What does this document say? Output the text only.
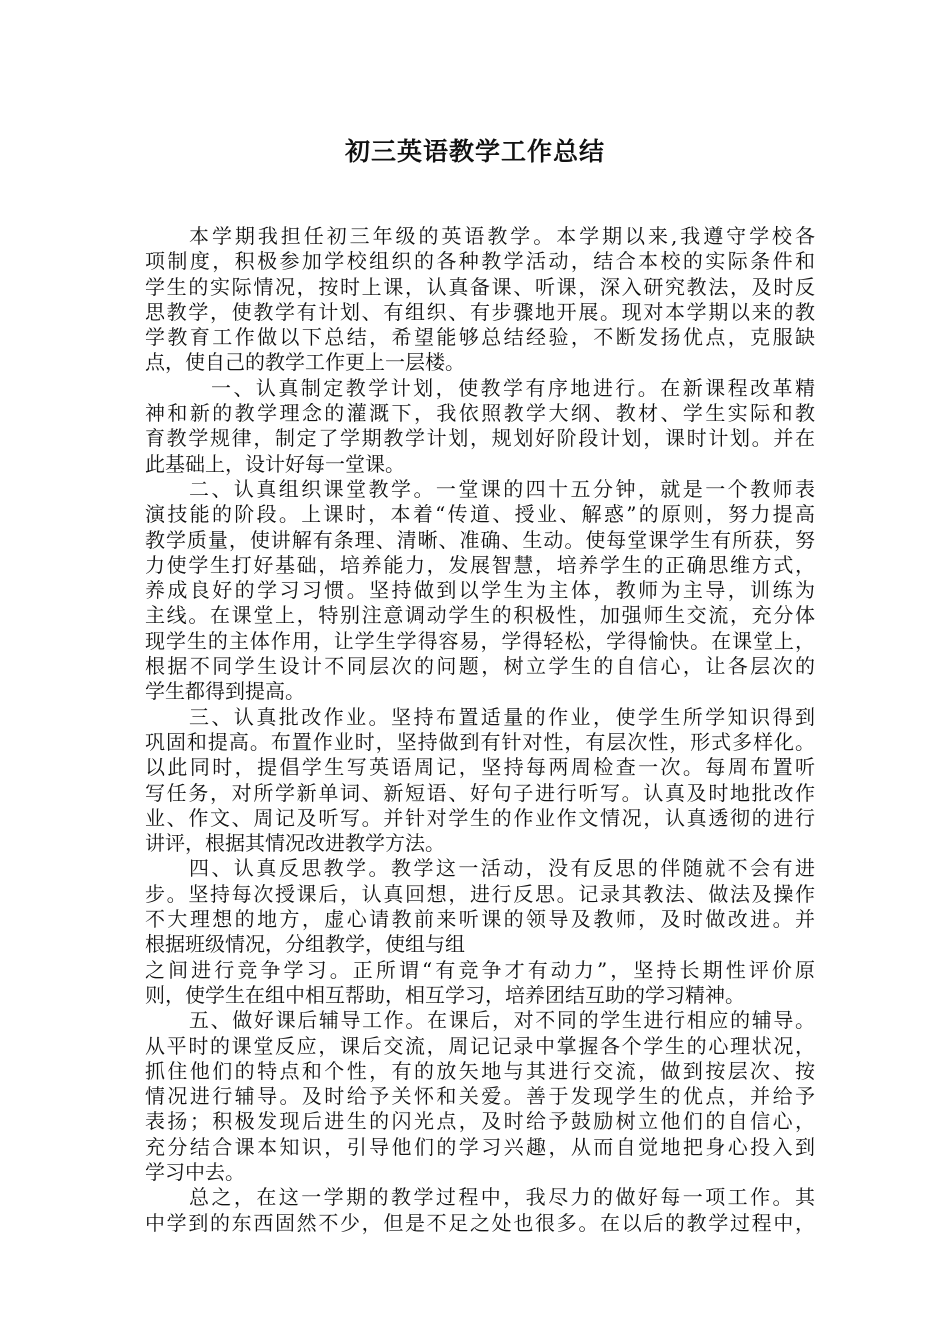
初三英语教学工作总结
本学期我担任初三年级的英语教学。本学期以来,我遵守学校各
项制度，积极参加学校组织的各种教学活动，结合本校的实际条件和
学生的实际情况，按时上课，认真备课、听课，深入研究教法，及时反
思教学，使教学有计划、有组织、有步骤地开展。现对本学期以来的教
学教育工作做以下总结，希望能够总结经验，不断发扬优点，克服缺
点，使自己的教学工作更上一层楼。
一、认真制定教学计划，使教学有序地进行。在新课程改革精
神和新的教学理念的灌溉下，我依照教学大纲、教材、学生实际和教
育教学规律，制定了学期教学计划，规划好阶段计划，课时计划。并在
此基础上，设计好每一堂课。
二、认真组织课堂教学。一堂课的四十五分钟，就是一个教师表
演技能的阶段。上课时，本着“传道、授业、解惑”的原则，努力提高
教学质量，使讲解有条理、清晰、准确、生动。使每堂课学生有所获，努
力使学生打好基础，培养能力，发展智慧，培养学生的正确思维方式，
养成良好的学习习惯。坚持做到以学生为主体，教师为主导，训练为
主线。在课堂上，特别注意调动学生的积极性，加强师生交流，充分体
现学生的主体作用，让学生学得容易，学得轻松，学得愉快。在课堂上，
根据不同学生设计不同层次的问题，树立学生的自信心，让各层次的
学生都得到提高。
三、认真批改作业。坚持布置适量的作业，使学生所学知识得到
巩固和提高。布置作业时，坚持做到有针对性，有层次性，形式多样化。
以此同时，提倡学生写英语周记，坚持每两周检查一次。每周布置听
写任务，对所学新单词、新短语、好句子进行听写。认真及时地批改作
业、作文、周记及听写。并针对学生的作业作文情况，认真透彻的进行
讲评，根据其情况改进教学方法。
四、认真反思教学。教学这一活动，没有反思的伴随就不会有进
步。坚持每次授课后，认真回想，进行反思。记录其教法、做法及操作
不大理想的地方，虚心请教前来听课的领导及教师，及时做改进。并
根据班级情况，分组教学，使组与组
之间进行竞争学习。正所谓“有竞争才有动力”，坚持长期性评价原
则，使学生在组中相互帮助，相互学习，培养团结互助的学习精神。
五、做好课后辅导工作。在课后，对不同的学生进行相应的辅导。
从平时的课堂反应，课后交流，周记记录中掌握各个学生的心理状况，
抓住他们的特点和个性，有的放矢地与其进行交流，做到按层次、按
情况进行辅导。及时给予关怀和关爱。善于发现学生的优点，并给予
表扬；积极发现后进生的闪光点，及时给予鼓励树立他们的自信心，
充分结合课本知识，引导他们的学习兴趣，从而自觉地把身心投入到
学习中去。
总之，在这一学期的教学过程中，我尽力的做好每一项工作。其
中学到的东西固然不少，但是不足之处也很多。在以后的教学过程中，
